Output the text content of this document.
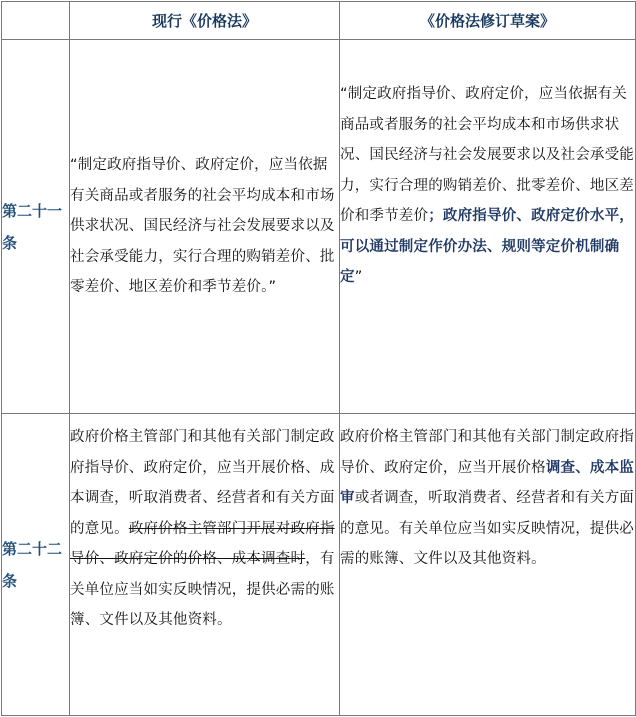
	现行《价格法》	《价格法修订草案》
第二十一条	“制定政府指导价、政府定价，应当依据有关商品或者服务的社会平均成本和市场供求状况、国民经济与社会发展要求以及社会承受能力，实行合理的购销差价、批零差价、地区差价和季节差价。”	“制定政府指导价、政府定价，应当依据有关商品或者服务的社会平均成本和市场供求状况、国民经济与社会发展要求以及社会承受能力，实行合理的购销差价、批零差价、地区差价和季节差价；政府指导价、政府定价水平，可以通过制定作价办法、规则等定价机制确定”
第二十二条	政府价格主管部门和其他有关部门制定政府指导价、政府定价，应当开展价格、成本调查，听取消费者、经营者和有关方面的意见。政府价格主管部门开展对政府指导价、政府定价的价格、成本调查时，有关单位应当如实反映情况，提供必需的账簿、文件以及其他资料。	政府价格主管部门和其他有关部门制定政府指导价、政府定价，应当开展价格调查、成本监审或者调查，听取消费者、经营者和有关方面的意见。有关单位应当如实反映情况，提供必需的账簿、文件以及其他资料。
